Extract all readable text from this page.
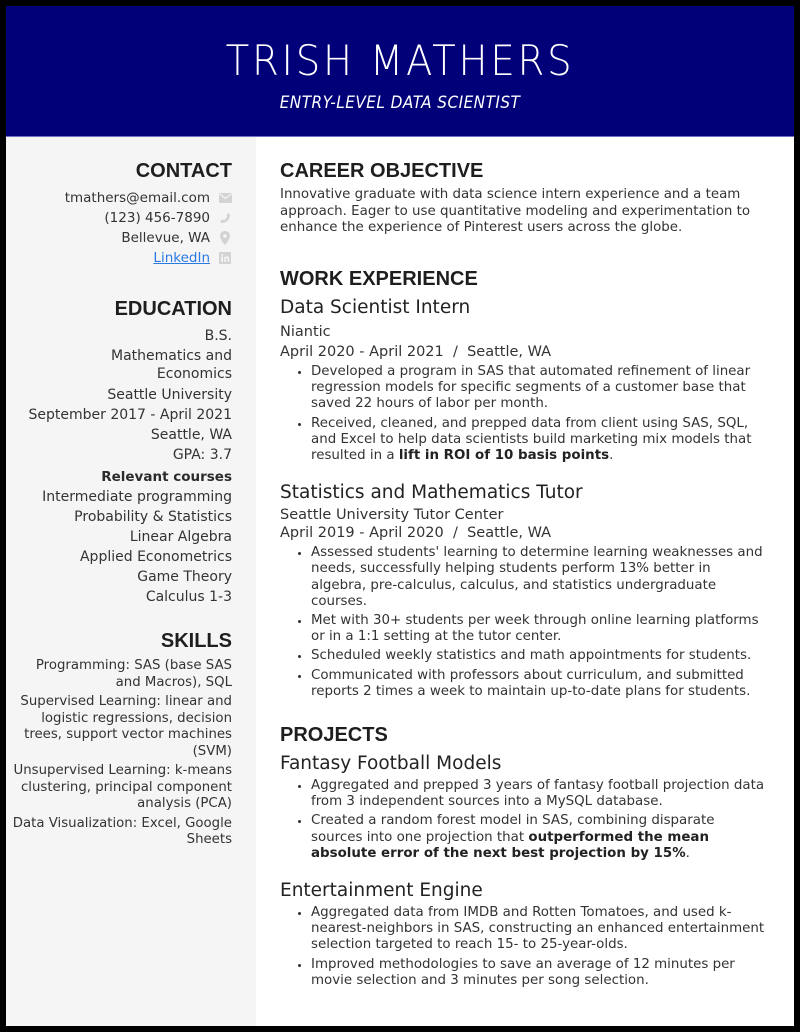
TRISH MATHERS
ENTRY-LEVEL DATA SCIENTIST
CONTACT
tmathers@email.com
(123) 456-7890
Bellevue, WA
LinkedIn
EDUCATION
B.S.
Mathematics and
Economics
Seattle University
September 2017 - April 2021
Seattle, WA
GPA: 3.7
Relevant courses
Intermediate programming
Probability & Statistics
Linear Algebra
Applied Econometrics
Game Theory
Calculus 1-3
SKILLS
Programming: SAS (base SAS and Macros), SQL
Supervised Learning: linear and logistic regressions, decision trees, support vector machines (SVM)
Unsupervised Learning: k-means clustering, principal component analysis (PCA)
Data Visualization: Excel, Google Sheets
CAREER OBJECTIVE
Innovative graduate with data science intern experience and a team approach. Eager to use quantitative modeling and experimentation to enhance the experience of Pinterest users across the globe.
WORK EXPERIENCE
Data Scientist Intern
Niantic
April 2020 - April 2021  /  Seattle, WA
• Developed a program in SAS that automated refinement of linear regression models for specific segments of a customer base that saved 22 hours of labor per month.
• Received, cleaned, and prepped data from client using SAS, SQL, and Excel to help data scientists build marketing mix models that resulted in a lift in ROI of 10 basis points.
Statistics and Mathematics Tutor
Seattle University Tutor Center
April 2019 - April 2020  /  Seattle, WA
• Assessed students' learning to determine learning weaknesses and needs, successfully helping students perform 13% better in algebra, pre-calculus, calculus, and statistics undergraduate courses.
• Met with 30+ students per week through online learning platforms or in a 1:1 setting at the tutor center.
• Scheduled weekly statistics and math appointments for students.
• Communicated with professors about curriculum, and submitted reports 2 times a week to maintain up-to-date plans for students.
PROJECTS
Fantasy Football Models
• Aggregated and prepped 3 years of fantasy football projection data from 3 independent sources into a MySQL database.
• Created a random forest model in SAS, combining disparate sources into one projection that outperformed the mean absolute error of the next best projection by 15%.
Entertainment Engine
• Aggregated data from IMDB and Rotten Tomatoes, and used k-nearest-neighbors in SAS, constructing an enhanced entertainment selection targeted to reach 15- to 25-year-olds.
• Improved methodologies to save an average of 12 minutes per movie selection and 3 minutes per song selection.
